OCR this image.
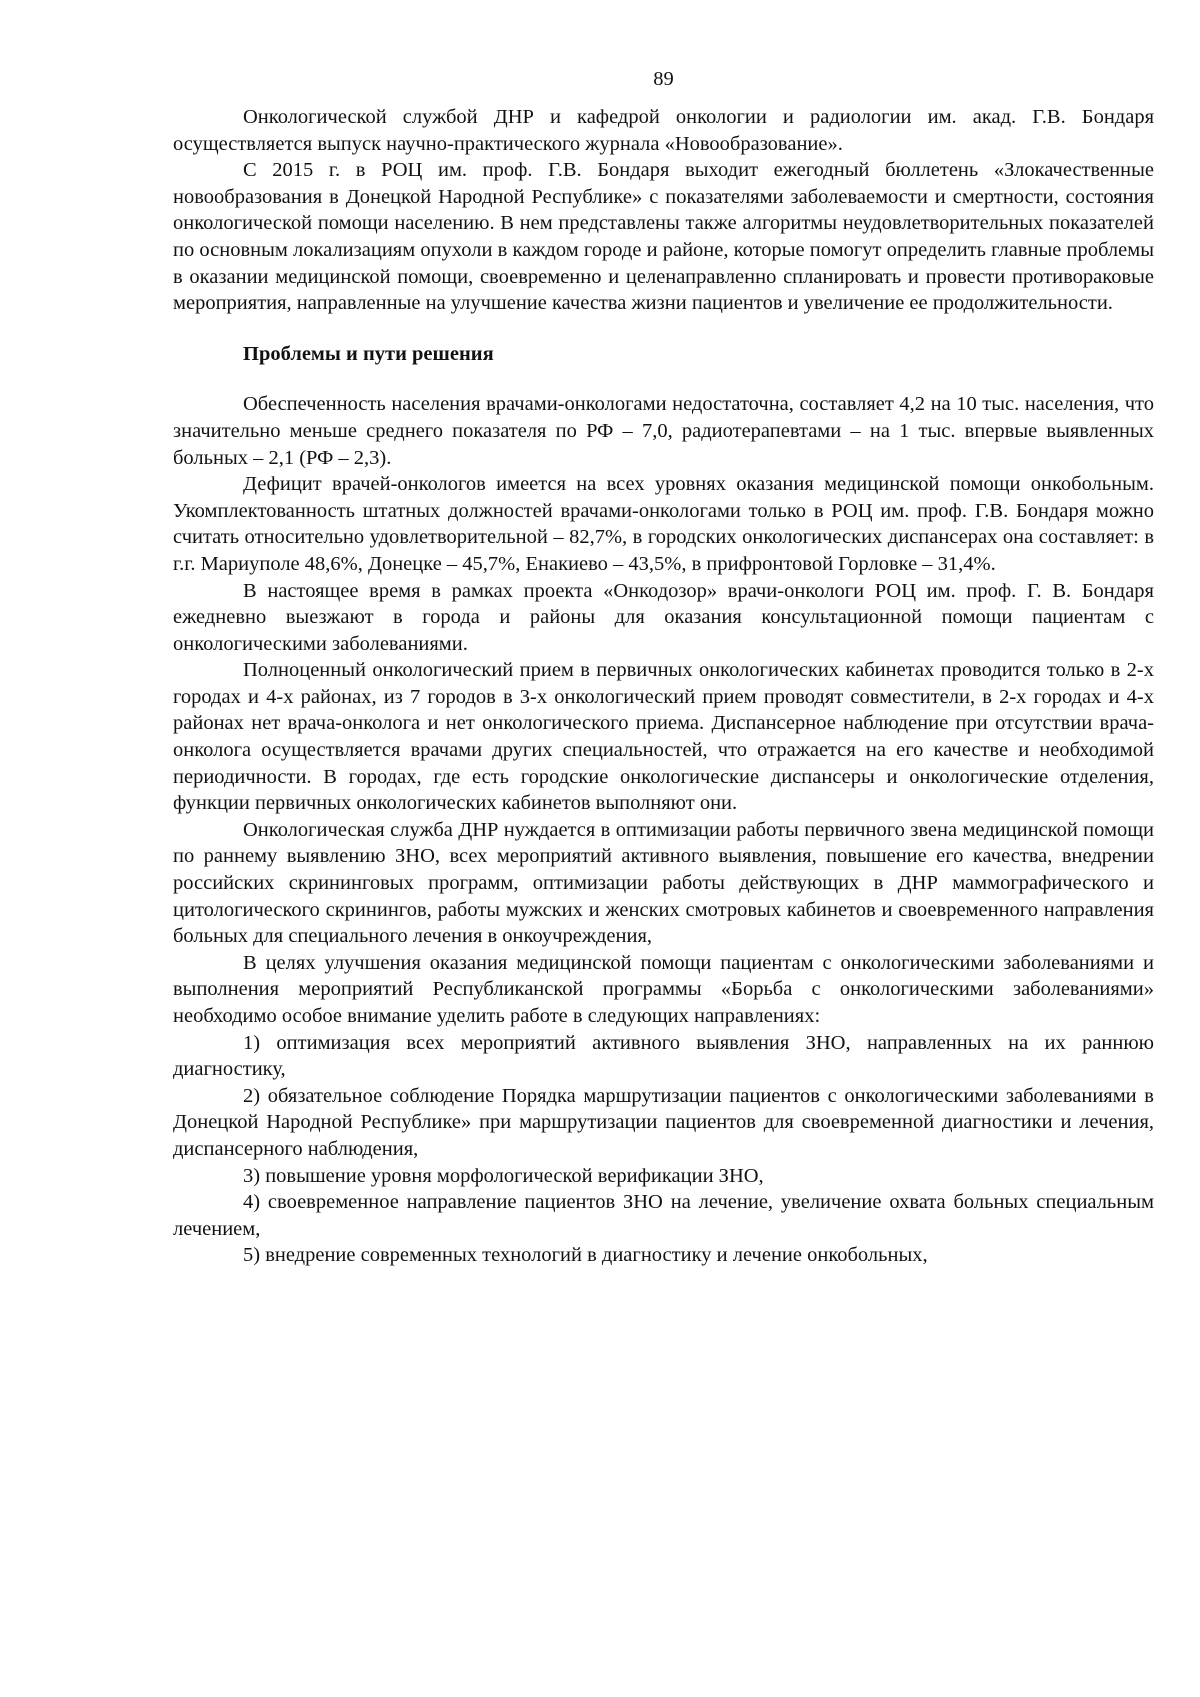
89

Онкологической службой ДНР и кафедрой онкологии и радиологии им. акад. Г.В. Бондаря осуществляется выпуск научно-практического журнала «Новообразование».

С 2015 г. в РОЦ им. проф. Г.В. Бондаря выходит ежегодный бюллетень «Злокачественные новообразования в Донецкой Народной Республике» с показателями заболеваемости и смертности, состояния онкологической помощи населению. В нем представлены также алгоритмы неудовлетворительных показателей по основным локализациям опухоли в каждом городе и районе, которые помогут определить главные проблемы в оказании медицинской помощи, своевременно и целенаправленно спланировать и провести противораковые мероприятия, направленные на улучшение качества жизни пациентов и увеличение ее продолжительности.

Проблемы и пути решения

Обеспеченность населения врачами-онкологами недостаточна, составляет 4,2 на 10 тыс. населения, что значительно меньше среднего показателя по РФ – 7,0, радиотерапевтами – на 1 тыс. впервые выявленных больных – 2,1 (РФ – 2,3).

Дефицит врачей-онкологов имеется на всех уровнях оказания медицинской помощи онкобольным. Укомплектованность штатных должностей врачами-онкологами только в РОЦ им. проф. Г.В. Бондаря можно считать относительно удовлетворительной – 82,7%, в городских онкологических диспансерах она составляет: в г.г. Мариуполе 48,6%, Донецке – 45,7%, Енакиево – 43,5%, в прифронтовой Горловке – 31,4%.

В настоящее время в рамках проекта «Онкодозор» врачи-онкологи РОЦ им. проф. Г. В. Бондаря ежедневно выезжают в города и районы для оказания консультационной помощи пациентам с онкологическими заболеваниями.

Полноценный онкологический прием в первичных онкологических кабинетах проводится только в 2-х городах и 4-х районах, из 7 городов в 3-х онкологический прием проводят совместители, в 2-х городах и 4-х районах нет врача-онколога и нет онкологического приема. Диспансерное наблюдение при отсутствии врача-онколога осуществляется врачами других специальностей, что отражается на его качестве и необходимой периодичности. В городах, где есть городские онкологические диспансеры и онкологические отделения, функции первичных онкологических кабинетов выполняют они.

Онкологическая служба ДНР нуждается в оптимизации работы первичного звена медицинской помощи по раннему выявлению ЗНО, всех мероприятий активного выявления, повышение его качества, внедрении российских скрининговых программ, оптимизации работы действующих в ДНР маммографического и цитологического скринингов, работы мужских и женских смотровых кабинетов и своевременного направления больных для специального лечения в онкоучреждения,

В целях улучшения оказания медицинской помощи пациентам с онкологическими заболеваниями и выполнения мероприятий Республиканской программы «Борьба с онкологическими заболеваниями» необходимо особое внимание уделить работе в следующих направлениях:

1) оптимизация всех мероприятий активного выявления ЗНО, направленных на их раннюю диагностику,

2) обязательное соблюдение Порядка маршрутизации пациентов с онкологическими заболеваниями в Донецкой Народной Республике» при маршрутизации пациентов для своевременной диагностики и лечения, диспансерного наблюдения,

3) повышение уровня морфологической верификации ЗНО,

4) своевременное направление пациентов ЗНО на лечение, увеличение охвата больных специальным лечением,

5) внедрение современных технологий в диагностику и лечение онкобольных,
